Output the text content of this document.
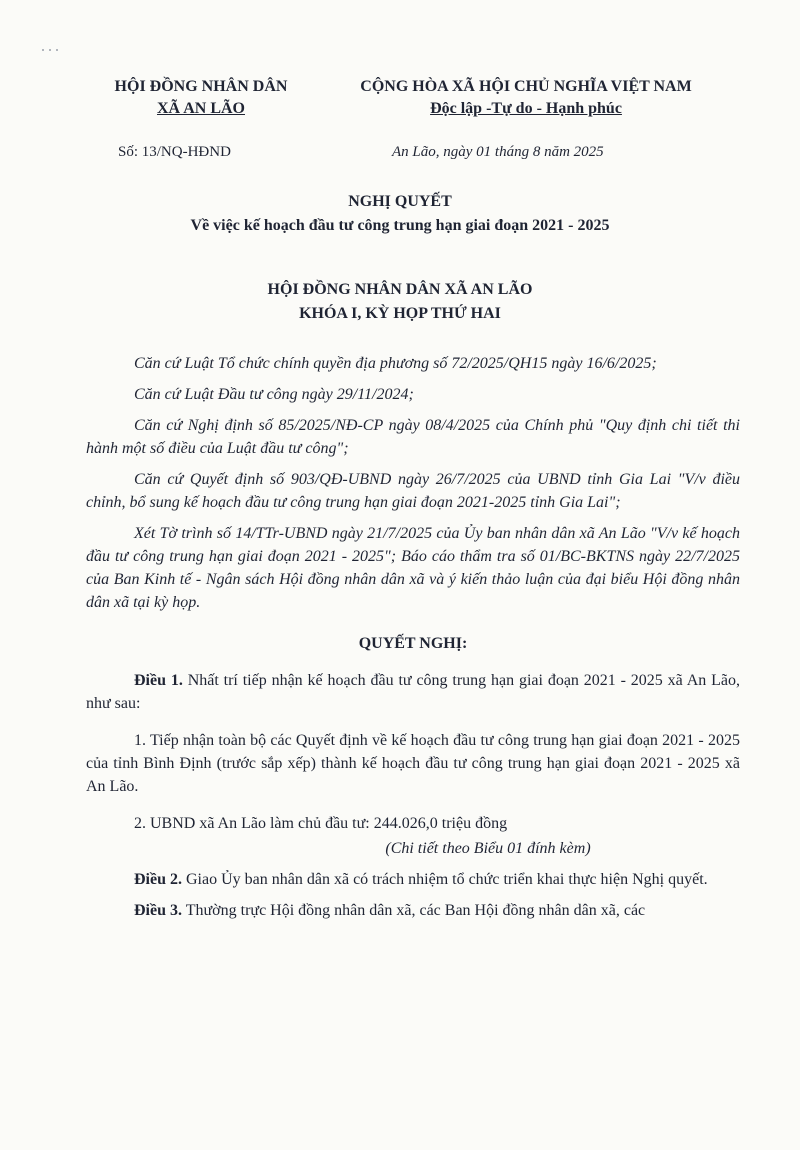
HỘI ĐỒNG NHÂN DÂN
XÃ AN LÃO
CỘNG HÒA XÃ HỘI CHỦ NGHĨA VIỆT NAM
Độc lập -Tự do - Hạnh phúc
Số: 13/NQ-HĐND	An Lão, ngày 01 tháng 8 năm 2025
NGHỊ QUYẾT
Về việc kế hoạch đầu tư công trung hạn giai đoạn 2021 - 2025
HỘI ĐỒNG NHÂN DÂN XÃ AN LÃO
KHÓA I, KỲ HỌP THỨ HAI

Căn cứ Luật Tổ chức chính quyền địa phương số 72/2025/QH15 ngày 16/6/2025;

Căn cứ Luật Đầu tư công ngày 29/11/2024;

Căn cứ Nghị định số 85/2025/NĐ-CP ngày 08/4/2025 của Chính phủ "Quy định chi tiết thi hành một số điều của Luật đầu tư công";

Căn cứ Quyết định số 903/QĐ-UBND ngày 26/7/2025 của UBND tỉnh Gia Lai "V/v điều chỉnh, bổ sung kế hoạch đầu tư công trung hạn giai đoạn 2021-2025 tỉnh Gia Lai";

Xét Tờ trình số 14/TTr-UBND ngày 21/7/2025 của Ủy ban nhân dân xã An Lão "V/v kế hoạch đầu tư công trung hạn giai đoạn 2021 - 2025"; Báo cáo thẩm tra số 01/BC-BKTNS ngày 22/7/2025 của Ban Kinh tế - Ngân sách Hội đồng nhân dân xã và ý kiến thảo luận của đại biểu Hội đồng nhân dân xã tại kỳ họp.

QUYẾT NGHỊ:

Điều 1. Nhất trí tiếp nhận kế hoạch đầu tư công trung hạn giai đoạn 2021 - 2025 xã An Lão, như sau:

1. Tiếp nhận toàn bộ các Quyết định về kế hoạch đầu tư công trung hạn giai đoạn 2021 - 2025 của tỉnh Bình Định (trước sắp xếp) thành kế hoạch đầu tư công trung hạn giai đoạn 2021 - 2025 xã An Lão.

2. UBND xã An Lão làm chủ đầu tư: 244.026,0 triệu đồng

(Chi tiết theo Biểu 01 đính kèm)

Điều 2. Giao Ủy ban nhân dân xã có trách nhiệm tổ chức triển khai thực hiện Nghị quyết.

Điều 3. Thường trực Hội đồng nhân dân xã, các Ban Hội đồng nhân dân xã, các
